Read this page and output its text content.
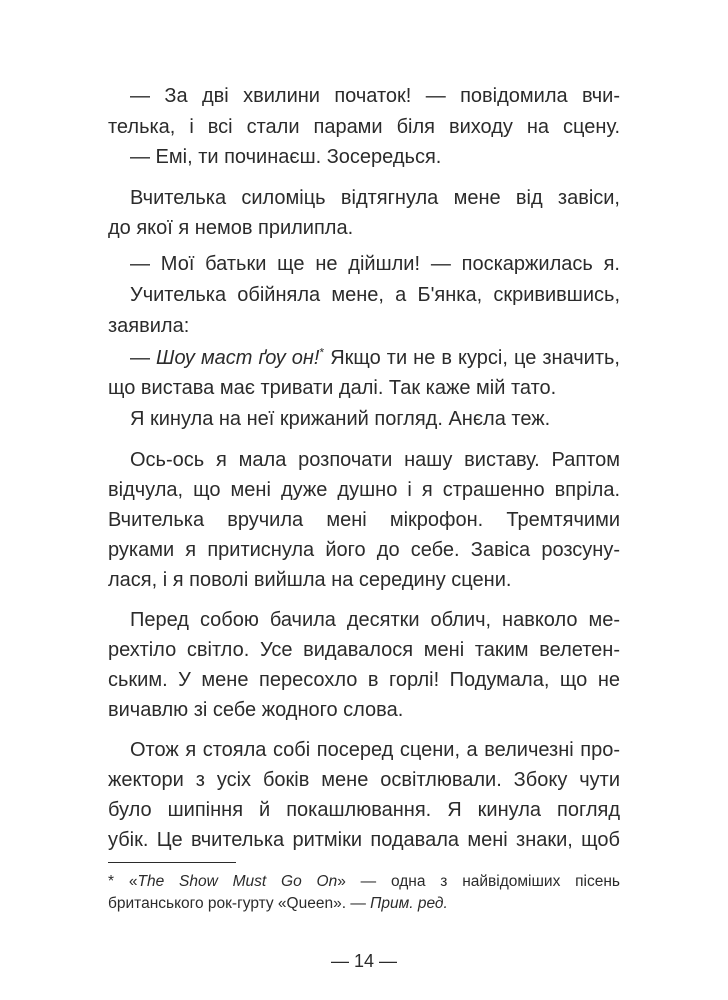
— За дві хвилини початок! — повідомила вчи-
телька, і всі стали парами біля виходу на сцену.
— Емі, ти починаєш. Зосередься.
Вчителька силоміць відтягнула мене від завіси,
до якої я немов прилипла.
— Мої батьки ще не дійшли! — поскаржилась я.
Учителька обійняла мене, а Б'янка, скривившись,
заявила:
— Шоу маст ґоу он!* Якщо ти не в курсі, це значить,
що вистава має тривати далі. Так каже мій тато.
Я кинула на неї крижаний погляд. Анєла теж.
Ось-ось я мала розпочати нашу виставу. Раптом
відчула, що мені дуже душно і я страшенно впріла.
Вчителька вручила мені мікрофон. Тремтячими
руками я притиснула його до себе. Завіса розсуну-
лася, і я поволі вийшла на середину сцени.
Перед собою бачила десятки облич, навколо ме-
рехтіло світло. Усе видавалося мені таким велетен-
ським. У мене пересохло в горлі! Подумала, що не
вичавлю зі себе жодного слова.
Отож я стояла собі посеред сцени, а величезні про-
жектори з усіх боків мене освітлювали. Збоку чути
було шипіння й покашлювання. Я кинула погляд
убік. Це вчителька ритміки подавала мені знаки, щоб
* «The Show Must Go On» — одна з найвідоміших пісень
британського рок-гурту «Queen». — Прим. ред.
— 14 —
